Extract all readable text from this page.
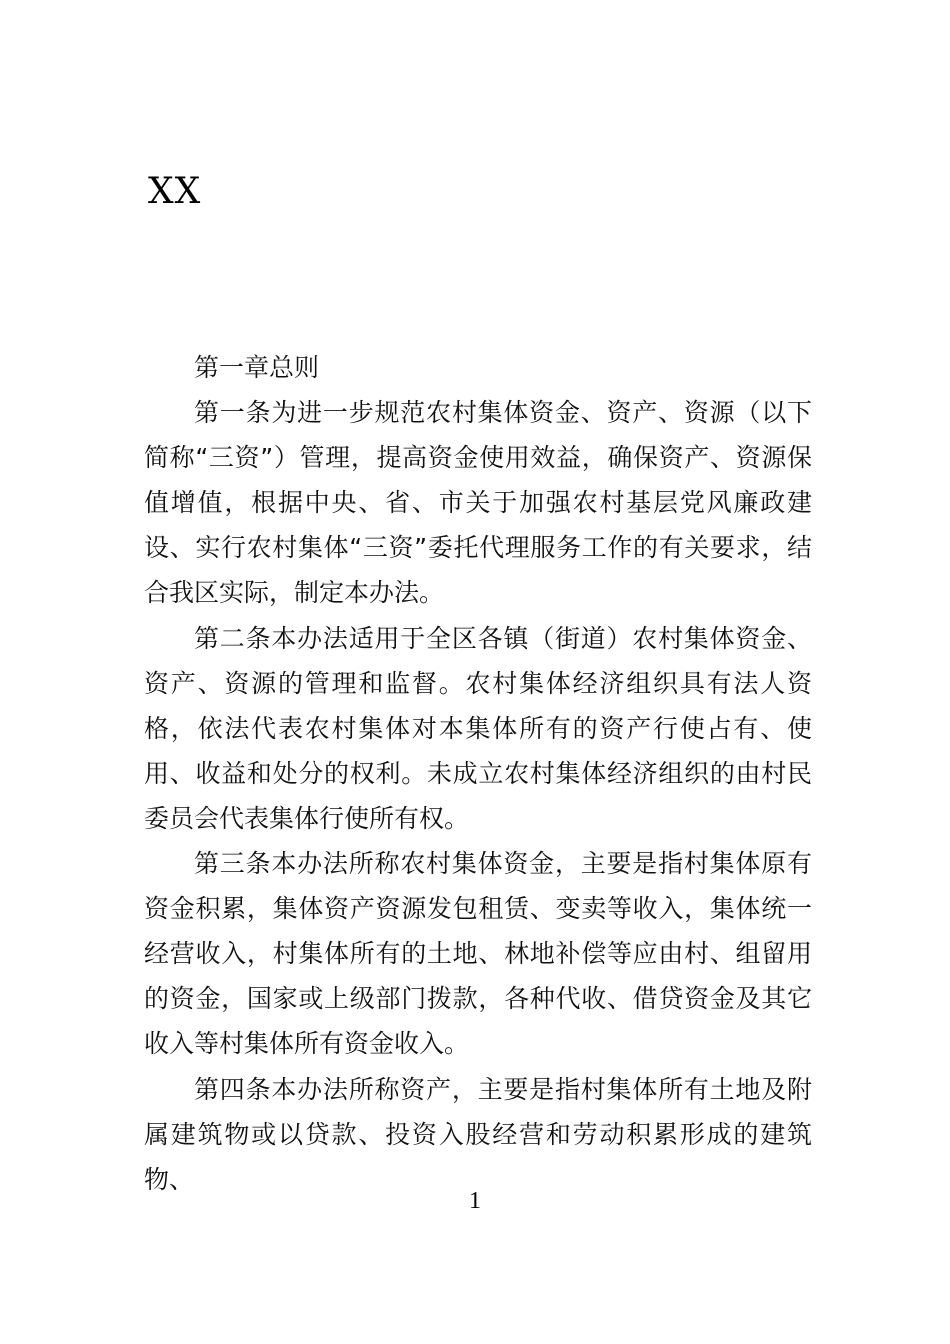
XX

第一章总则

第一条为进一步规范农村集体资金、资产、资源（以下简称“三资”）管理，提高资金使用效益，确保资产、资源保值增值，根据中央、省、市关于加强农村基层党风廉政建设、实行农村集体“三资”委托代理服务工作的有关要求，结合我区实际，制定本办法。

第二条本办法适用于全区各镇（街道）农村集体资金、资产、资源的管理和监督。农村集体经济组织具有法人资格，依法代表农村集体对本集体所有的资产行使占有、使用、收益和处分的权利。未成立农村集体经济组织的由村民委员会代表集体行使所有权。

第三条本办法所称农村集体资金，主要是指村集体原有资金积累，集体资产资源发包租赁、变卖等收入，集体统一经营收入，村集体所有的土地、林地补偿等应由村、组留用的资金，国家或上级部门拨款，各种代收、借贷资金及其它收入等村集体所有资金收入。

第四条本办法所称资产，主要是指村集体所有土地及附属建筑物或以贷款、投资入股经营和劳动积累形成的建筑物、

1
